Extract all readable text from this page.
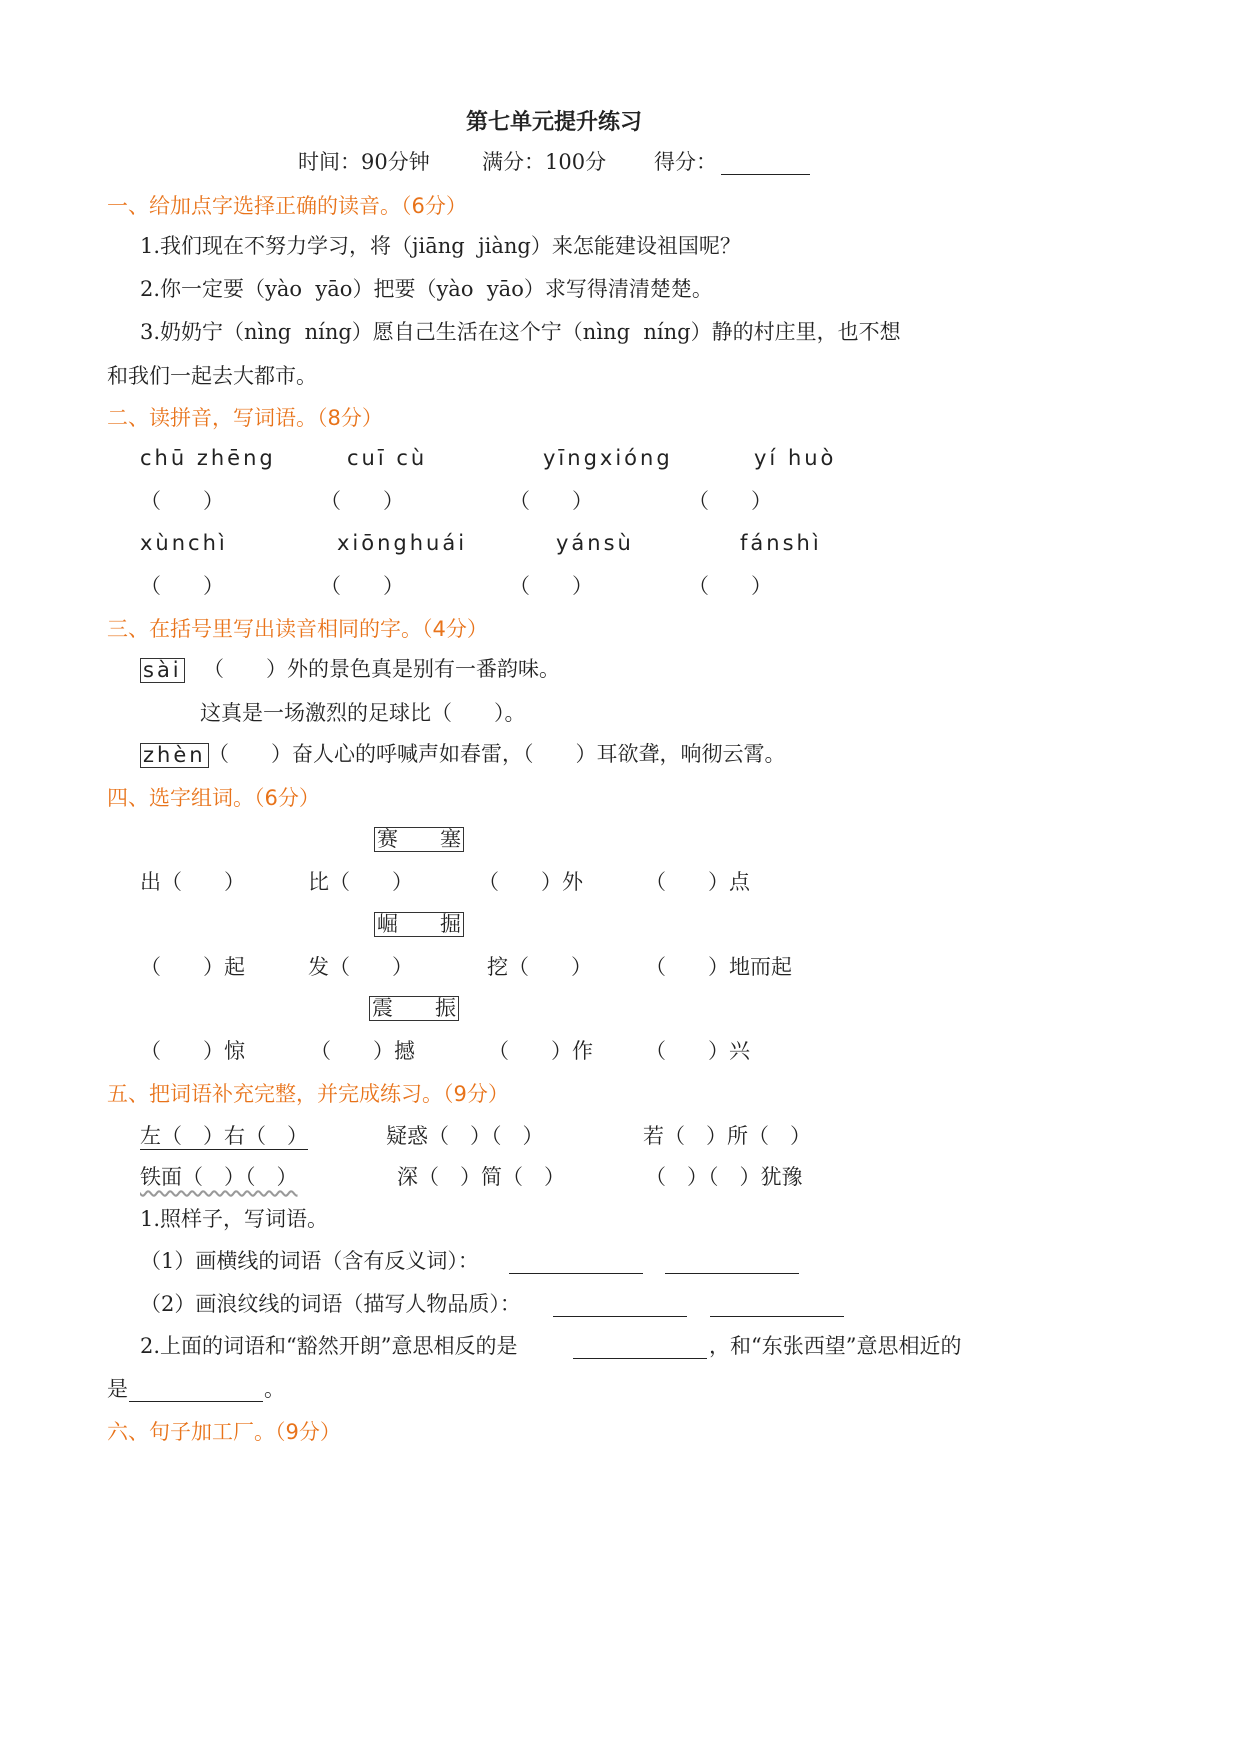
第七单元提升练习
时间：90分钟 满分：100分 得分：
一、给加点字选择正确的读音。（6分）
1.我们现在不努力学习，将（jiāng  jiàng）来怎能建设祖国呢？
2.你一定要（yào  yāo）把要（yào  yāo）求写得清清楚楚。
3.奶奶宁（nìng  níng）愿自己生活在这个宁（nìng  níng）静的村庄里，也不想
和我们一起去大都市。
二、读拼音，写词语。（8分）
chū zhēng	cuī cù	yīngxióng	yí huò
（　　）	（　　）	（　　）	（　　）
xùnchì	xiōnghuái	yánsù	fánshì
（　　）	（　　）	（　　）	（　　）
三、在括号里写出读音相同的字。（4分）
sài （　　）外的景色真是别有一番韵味。
这真是一场激烈的足球比（　　）。
zhèn （　　）奋人心的呼喊声如春雷，（　　）耳欲聋，响彻云霄。
四、选字组词。（6分）
赛　　塞
出（　　）	比（　　）	（　　）外	（　　）点
崛　　掘
（　　）起	发（　　）	挖（　　）	（　　）地而起
震　　振
（　　）惊	（　　）撼	（　　）作 （　　）兴
五、把词语补充完整，并完成练习。（9分）
左（　）右（　）	疑惑（　）（　）	若（　）所（　）
铁面（　）（　）	深（　）简（　）	（　）（　）犹豫
1.照样子，写词语。
（1）画横线的词语（含有反义词）：
（2）画浪纹线的词语（描写人物品质）：
2.上面的词语和“豁然开朗”意思相反的是	，和“东张西望”意思相近的
是	。
六、句子加工厂。（9分）
